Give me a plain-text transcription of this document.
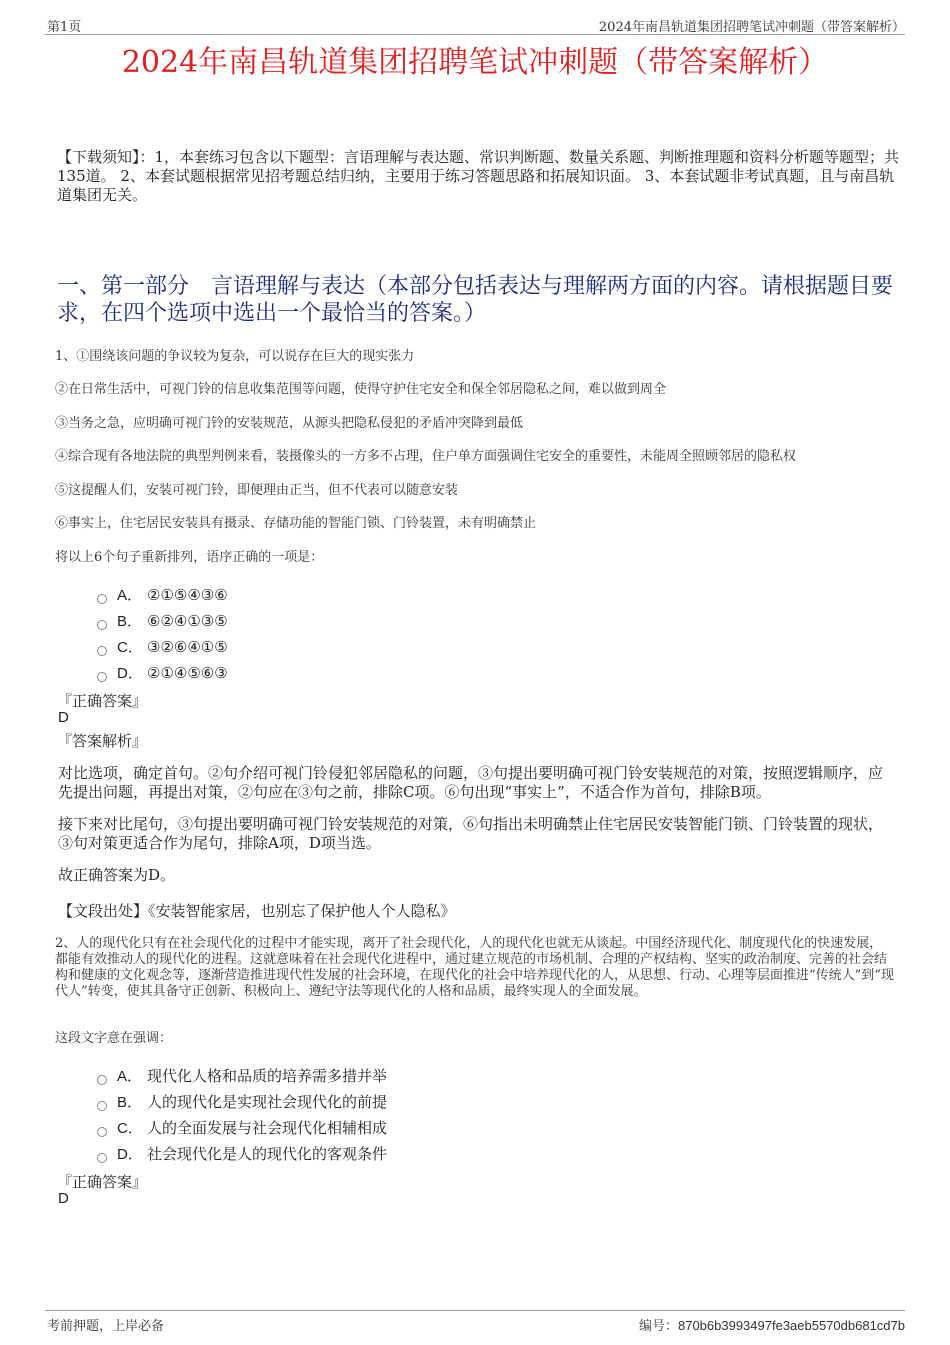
第1页	2024年南昌轨道集团招聘笔试冲刺题（带答案解析）
2024年南昌轨道集团招聘笔试冲刺题（带答案解析）

【下载须知】：1，本套练习包含以下题型：言语理解与表达题、常识判断题、数量关系题、判断推理题和资料分析题等题型；共135道。 2、本套试题根据常见招考题总结归纳，主要用于练习答题思路和拓展知识面。 3、本套试题非考试真题，且与南昌轨道集团无关。

一、第一部分　言语理解与表达（本部分包括表达与理解两方面的内容。请根据题目要求，在四个选项中选出一个最恰当的答案。）

1、①围绕该问题的争议较为复杂，可以说存在巨大的现实张力

②在日常生活中，可视门铃的信息收集范围等问题，使得守护住宅安全和保全邻居隐私之间，难以做到周全

③当务之急，应明确可视门铃的安装规范，从源头把隐私侵犯的矛盾冲突降到最低

④综合现有各地法院的典型判例来看，装摄像头的一方多不占理，住户单方面强调住宅安全的重要性，未能周全照顾邻居的隐私权

⑤这提醒人们，安装可视门铃，即便理由正当，但不代表可以随意安装

⑥事实上，住宅居民安装具有摄录、存储功能的智能门锁、门铃装置，未有明确禁止

将以上6个句子重新排列，语序正确的一项是：

A． ②①⑤④③⑥
B． ⑥②④①③⑤
C． ③②⑥④①⑤
D． ②①④⑤⑥③
『正确答案』
D
『答案解析』

对比选项，确定首句。②句介绍可视门铃侵犯邻居隐私的问题，③句提出要明确可视门铃安装规范的对策，按照逻辑顺序，应先提出问题，再提出对策，②句应在③句之前，排除C项。⑥句出现“事实上”，不适合作为首句，排除B项。

接下来对比尾句，③句提出要明确可视门铃安装规范的对策，⑥句指出未明确禁止住宅居民安装智能门锁、门铃装置的现状，③句对策更适合作为尾句，排除A项，D项当选。

故正确答案为D。

【文段出处】《安装智能家居，也别忘了保护他人个人隐私》

2、人的现代化只有在社会现代化的过程中才能实现，离开了社会现代化，人的现代化也就无从谈起。中国经济现代化、制度现代化的快速发展，都能有效推动人的现代化的进程。这就意味着在社会现代化进程中，通过建立规范的市场机制、合理的产权结构、坚实的政治制度、完善的社会结构和健康的文化观念等，逐渐营造推进现代性发展的社会环境，在现代化的社会中培养现代化的人，从思想、行动、心理等层面推进“传统人”到“现代人”转变，使其具备守正创新、积极向上、遵纪守法等现代化的人格和品质，最终实现人的全面发展。

这段文字意在强调：

A． 现代化人格和品质的培养需多措并举
B． 人的现代化是实现社会现代化的前提
C． 人的全面发展与社会现代化相辅相成
D． 社会现代化是人的现代化的客观条件
『正确答案』
D
考前押题，上岸必备	编号：870b6b3993497fe3aeb5570db681cd7b
